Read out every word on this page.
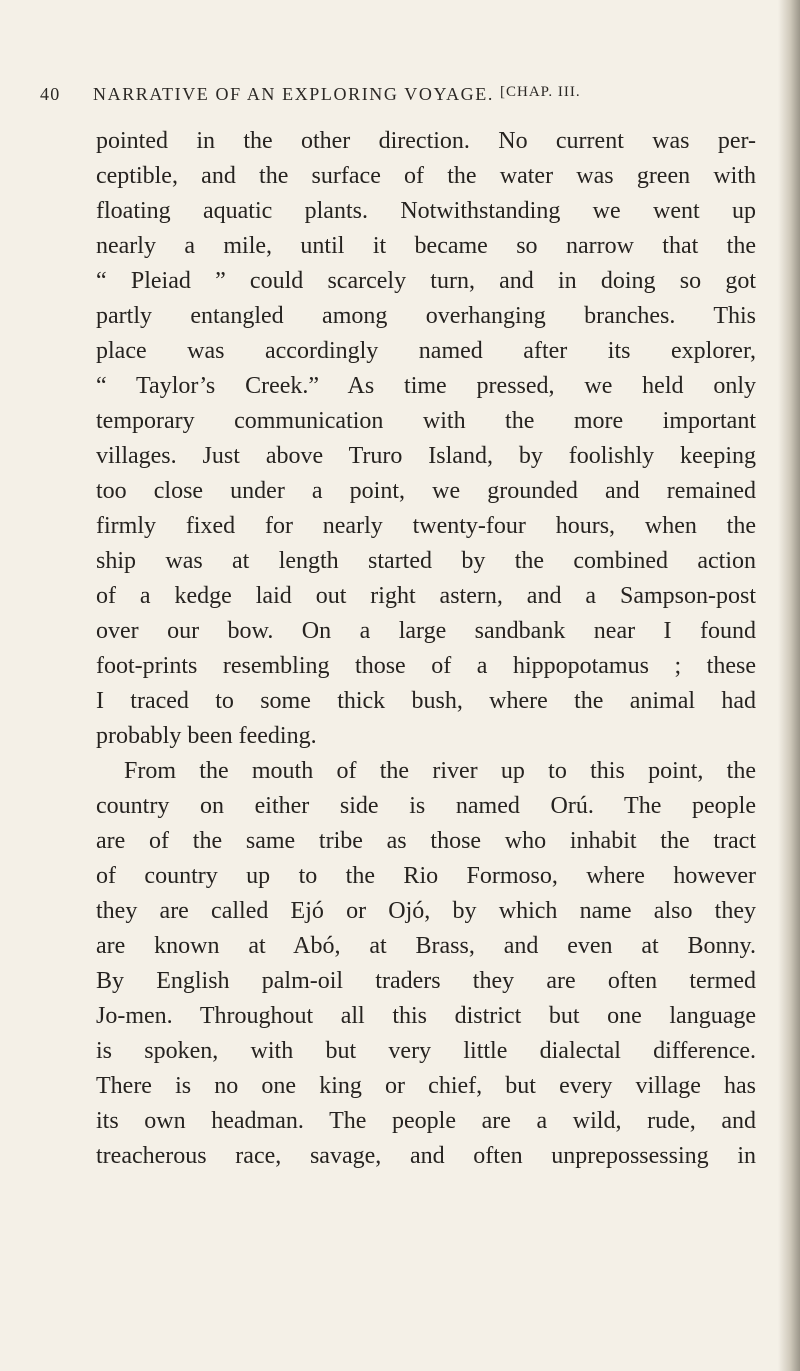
40 NARRATIVE OF AN EXPLORING VOYAGE. [CHAP. III.
pointed in the other direction. No current was per-
ceptible, and the surface of the water was green with
floating aquatic plants. Notwithstanding we went up
nearly a mile, until it became so narrow that the
“ Pleiad ” could scarcely turn, and in doing so got
partly entangled among overhanging branches. This
place was accordingly named after its explorer,
“ Taylor’s Creek.” As time pressed, we held only
temporary communication with the more important
villages. Just above Truro Island, by foolishly keeping
too close under a point, we grounded and remained
firmly fixed for nearly twenty-four hours, when the
ship was at length started by the combined action
of a kedge laid out right astern, and a Sampson-post
over our bow. On a large sandbank near I found
foot-prints resembling those of a hippopotamus ; these
I traced to some thick bush, where the animal had
probably been feeding.
From the mouth of the river up to this point, the
country on either side is named Orú. The people
are of the same tribe as those who inhabit the tract
of country up to the Rio Formoso, where however
they are called Ejó or Ojó, by which name also they
are known at Abó, at Brass, and even at Bonny.
By English palm-oil traders they are often termed
Jo-men. Throughout all this district but one language
is spoken, with but very little dialectal difference.
There is no one king or chief, but every village has
its own headman. The people are a wild, rude, and
treacherous race, savage, and often unprepossessing in
